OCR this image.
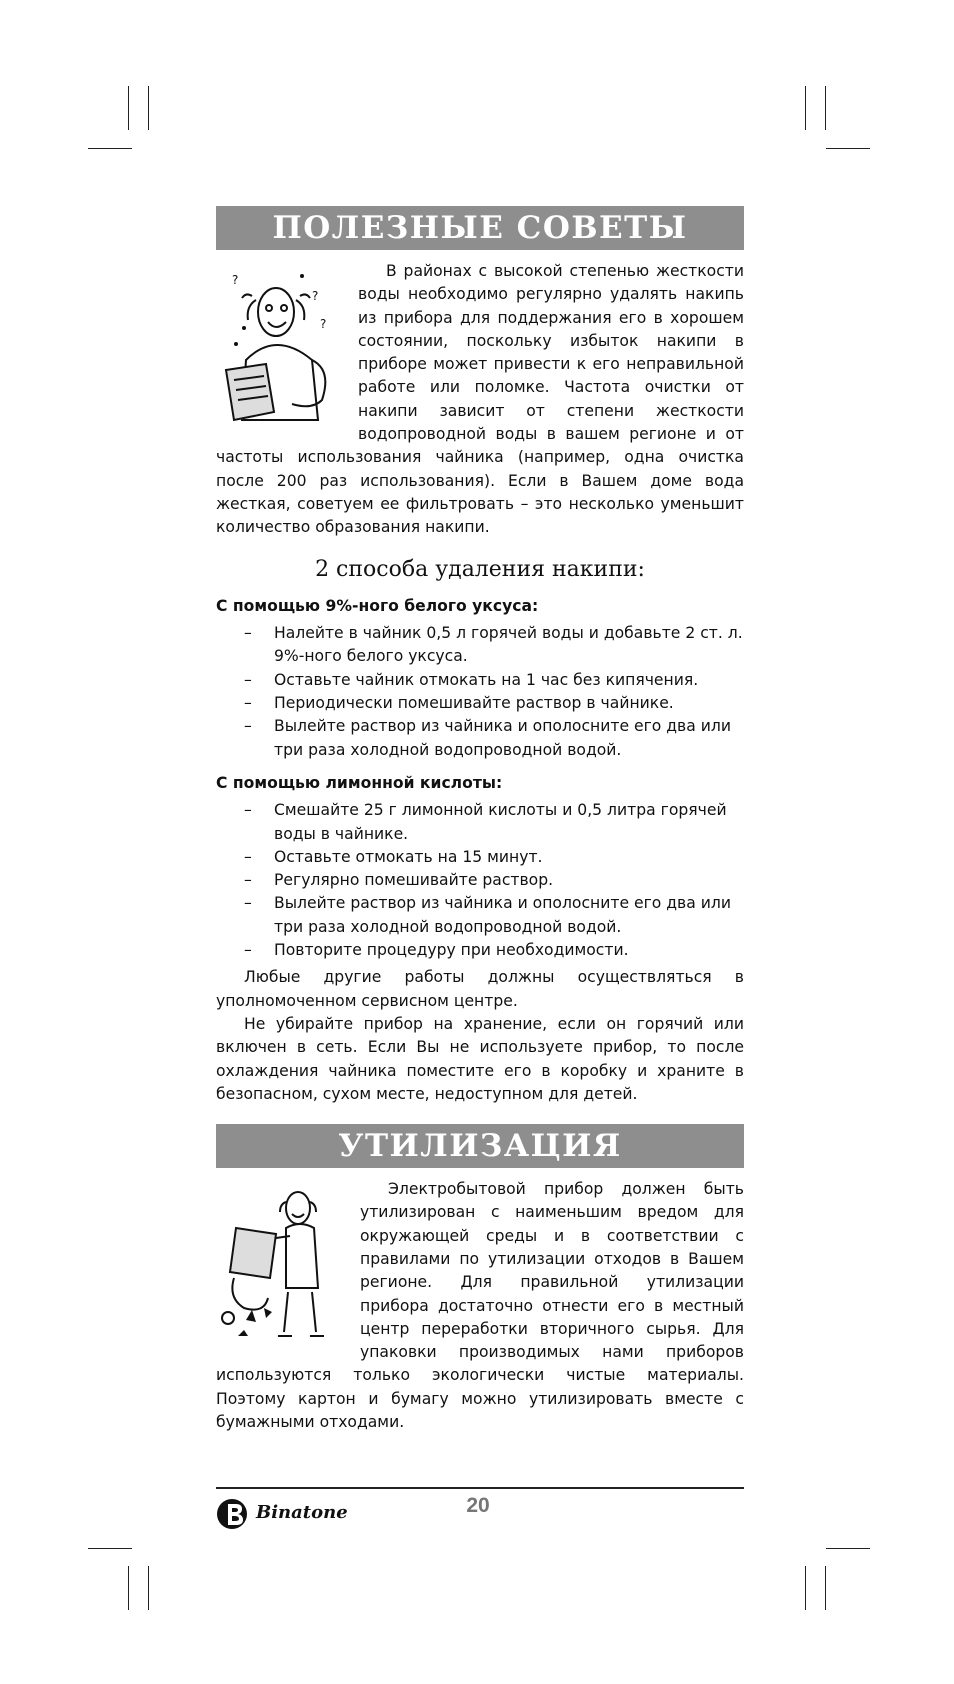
ПОЛЕЗНЫЕ СОВЕТЫ
?
?
?

В районах с высокой степенью жесткости воды необходимо регулярно удалять накипь из прибора для поддержания его в хорошем состоянии, поскольку избыток накипи в приборе может привести к его неправильной работе или поломке. Частота очистки от накипи зависит от степени жесткости водопроводной воды в вашем регионе и от частоты использования чайника (например, одна очистка после 200 раз использования). Если в Вашем доме вода жесткая, советуем ее фильтровать – это несколько уменьшит количество образования накипи.

2 способа удаления накипи:

С помощью 9%-ного белого уксуса:

– Налейте в чайник 0,5 л горячей воды и добавьте 2 ст. л. 9%-ного белого уксуса.
– Оставьте чайник отмокать на 1 час без кипячения.
– Периодически помешивайте раствор в чайнике.
– Вылейте раствор из чайника и ополосните его два или три раза холодной водопроводной водой.

С помощью лимонной кислоты:

– Смешайте 25 г лимонной кислоты и 0,5 литра горячей воды в чайнике.
– Оставьте отмокать на 15 минут.
– Регулярно помешивайте раствор.
– Вылейте раствор из чайника и ополосните его два или три раза холодной водопроводной водой.
– Повторите процедуру при необходимости.

Любые другие работы должны осуществляться в уполномоченном сервисном центре.

Не убирайте прибор на хранение, если он горячий или включен в сеть. Если Вы не используете прибор, то после охлаждения чайника поместите его в коробку и храните в безопасном, сухом месте, недоступном для детей.

УТИЛИЗАЦИЯ

Электробытовой прибор должен быть утилизирован с наименьшим вредом для окружающей среды и в соответствии с правилами по утилизации отходов в Вашем регионе. Для правильной утилизации прибора достаточно отнести его в местный центр переработки вторичного сырья. Для упаковки производимых нами приборов используются только экологически чистые материалы. Поэтому картон и бумагу можно утилизировать вместе с бумажными отходами.

Binatone	20
